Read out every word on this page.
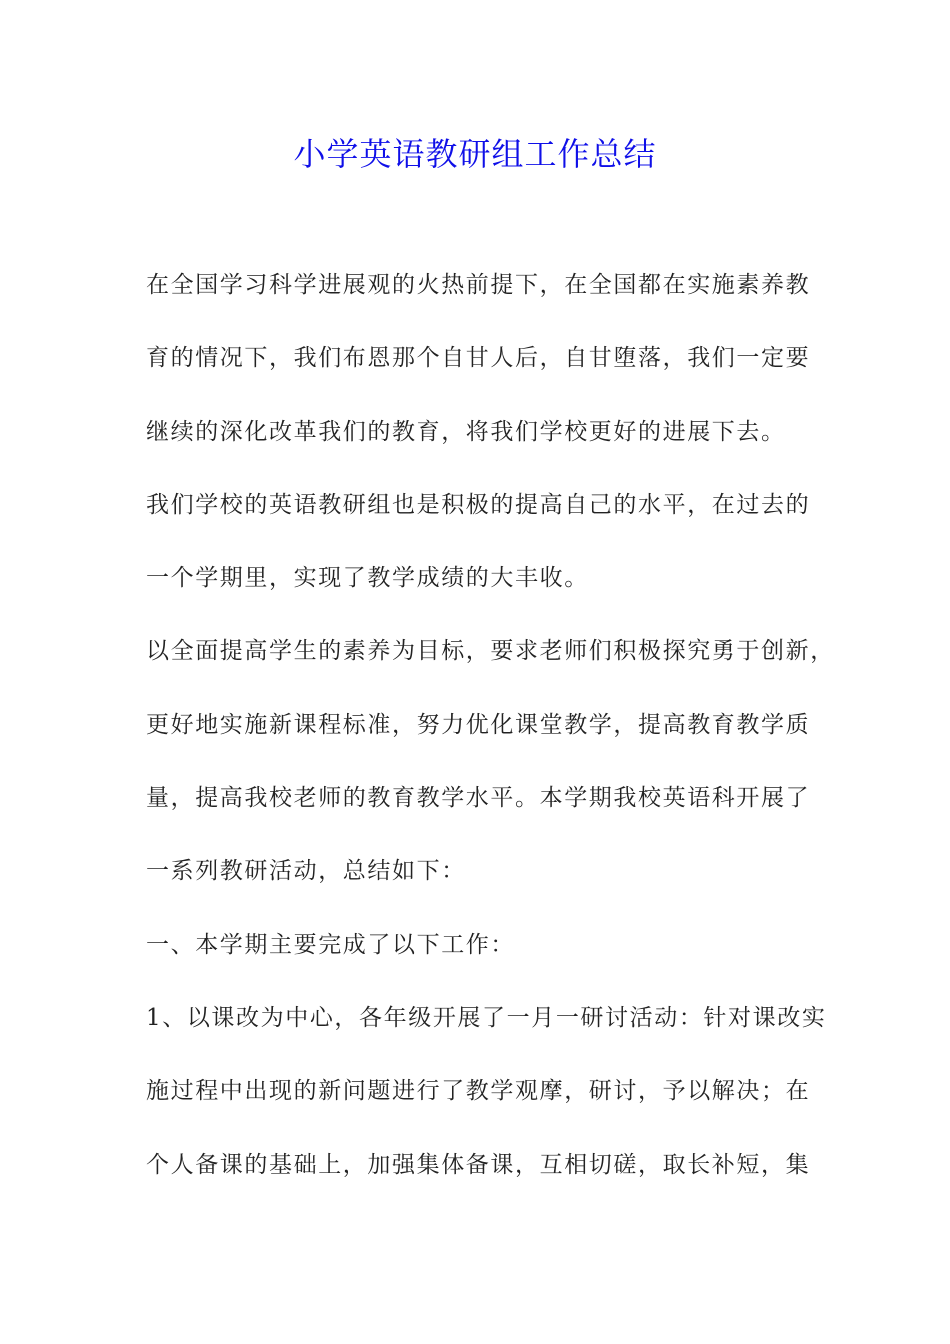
小学英语教研组工作总结
在全国学习科学进展观的火热前提下，在全国都在实施素养教
育的情况下，我们布恩那个自甘人后，自甘堕落，我们一定要
继续的深化改革我们的教育，将我们学校更好的进展下去。
我们学校的英语教研组也是积极的提高自己的水平，在过去的
一个学期里，实现了教学成绩的大丰收。
以全面提高学生的素养为目标，要求老师们积极探究勇于创新，
更好地实施新课程标准，努力优化课堂教学，提高教育教学质
量，提高我校老师的教育教学水平。本学期我校英语科开展了
一系列教研活动，总结如下：
一、本学期主要完成了以下工作：
1、以课改为中心，各年级开展了一月一研讨活动：针对课改实
施过程中出现的新问题进行了教学观摩，研讨，予以解决；在
个人备课的基础上，加强集体备课，互相切磋，取长补短，集
